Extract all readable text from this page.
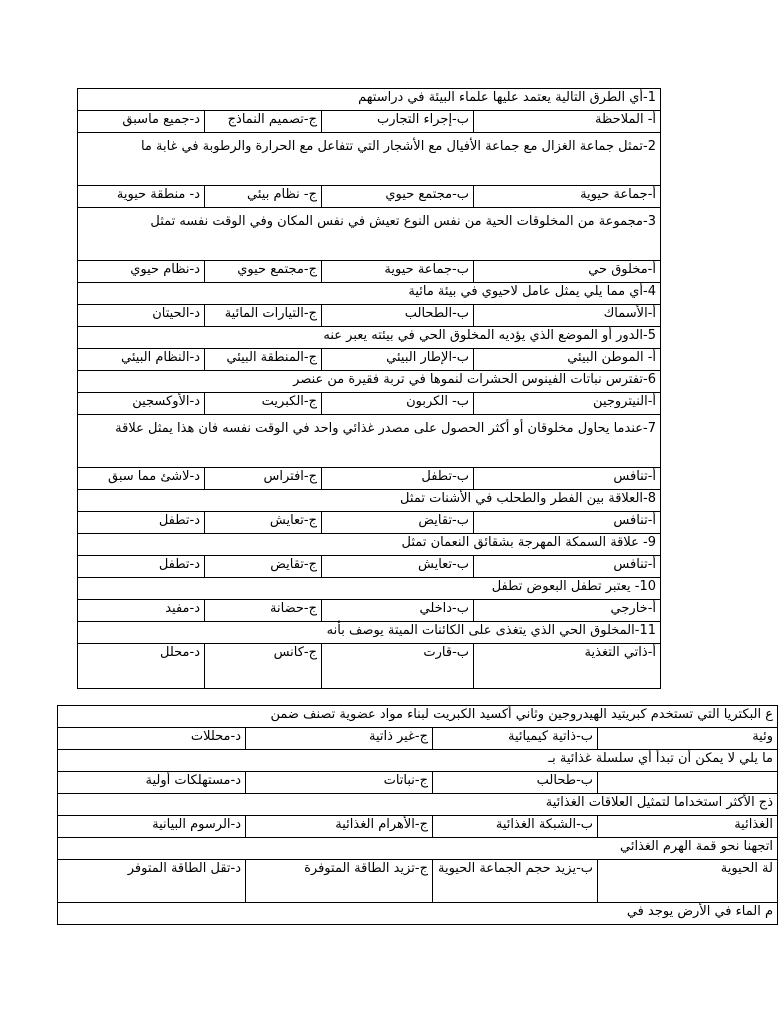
1-أي الطرق التالية يعتمد عليها علماء البيئة في دراستهم			
أ- الملاحظة	ب-إجراء التجارب	ج-تصميم النماذج	د-جميع ماسبق
2-تمثل جماعة الغزال مع جماعة الأفيال مع الأشجار التي تتفاعل مع الحرارة والرطوبة في غابة ما			
أ-جماعة حيوية	ب-مجتمع حيوي	ج- نظام بيئي	د- منطقة حيوية
3-مجموعة من المخلوقات الحية من نفس النوع تعيش في نفس المكان وفي الوقت نفسه تمثل			
أ-مخلوق حي	ب-جماعة حيوية	ج-مجتمع حيوي	د-نظام حيوي
4-أي مما يلي يمثل عامل لاحيوي في بيئة مائية			
أ-الأسماك	ب-الطحالب	ج-التيارات المائية	د-الحيتان
5-الدور أو الموضع الذي يؤديه المخلوق الحي في بيئته يعبر عنه			
أ- الموطن البيئي	ب-الإطار البيئي	ج-المنطقة البيئي	د-النظام البيئي
6-تفترس نباتات الفينوس الحشرات لنموها في تربة فقيرة من عنصر			
أ-النيتروجين	ب- الكربون	ج-الكبريت	د-الأوكسجين
7-عندما يحاول مخلوقان أو أكثر الحصول على مصدر غذائي واحد في الوقت نفسه فان هذا يمثل علاقة			
أ-تنافس	ب-تطفل	ج-افتراس	د-لاشئ مما سبق
8-العلاقة بين الفطر والطحلب في الأشنات تمثل			
أ-تنافس	ب-تقايض	ج-تعايش	د-تطفل
9- علاقة السمكة المهرجة بشقائق النعمان تمثل			
أ-تنافس	ب-تعايش	ج-تقايض	د-تطفل
10- يعتبر تطفل البعوض تطفل			
أ-خارجي	ب-داخلي	ج-حضانة	د-مفيد
11-المخلوق الحي الذي يتغذى على الكائنات الميتة يوصف بأنه			
أ-ذاتي التغذية	ب-قارت	ج-كانس	د-محلل
ع البكتريا التي تستخدم كبريتيد الهيدروجين وثاني أكسيد الكبريت لبناء مواد عضوية تصنف ضمن			
وئية	ب-ذاتية كيميائية	ج-غير ذاتية	د-محللات
ما يلي لا يمكن أن تبدأ أي سلسلة غذائية بـ			
	ب-طحالب	ج-نباتات	د-مستهلكات أولية
ذج الأكثر استخداما لتمثيل العلاقات الغذائية			
الغذائية	ب-الشبكة الغذائية	ج-الأهرام الغذائية	د-الرسوم البيانية
اتجهنا نحو قمة الهرم الغذائي			
لة الحيوية	ب-يزيد حجم الجماعة الحيوية	ج-تزيد الطاقة المتوفرة	د-تقل الطاقة المتوفر
م الماء في الأرض يوجد في			
